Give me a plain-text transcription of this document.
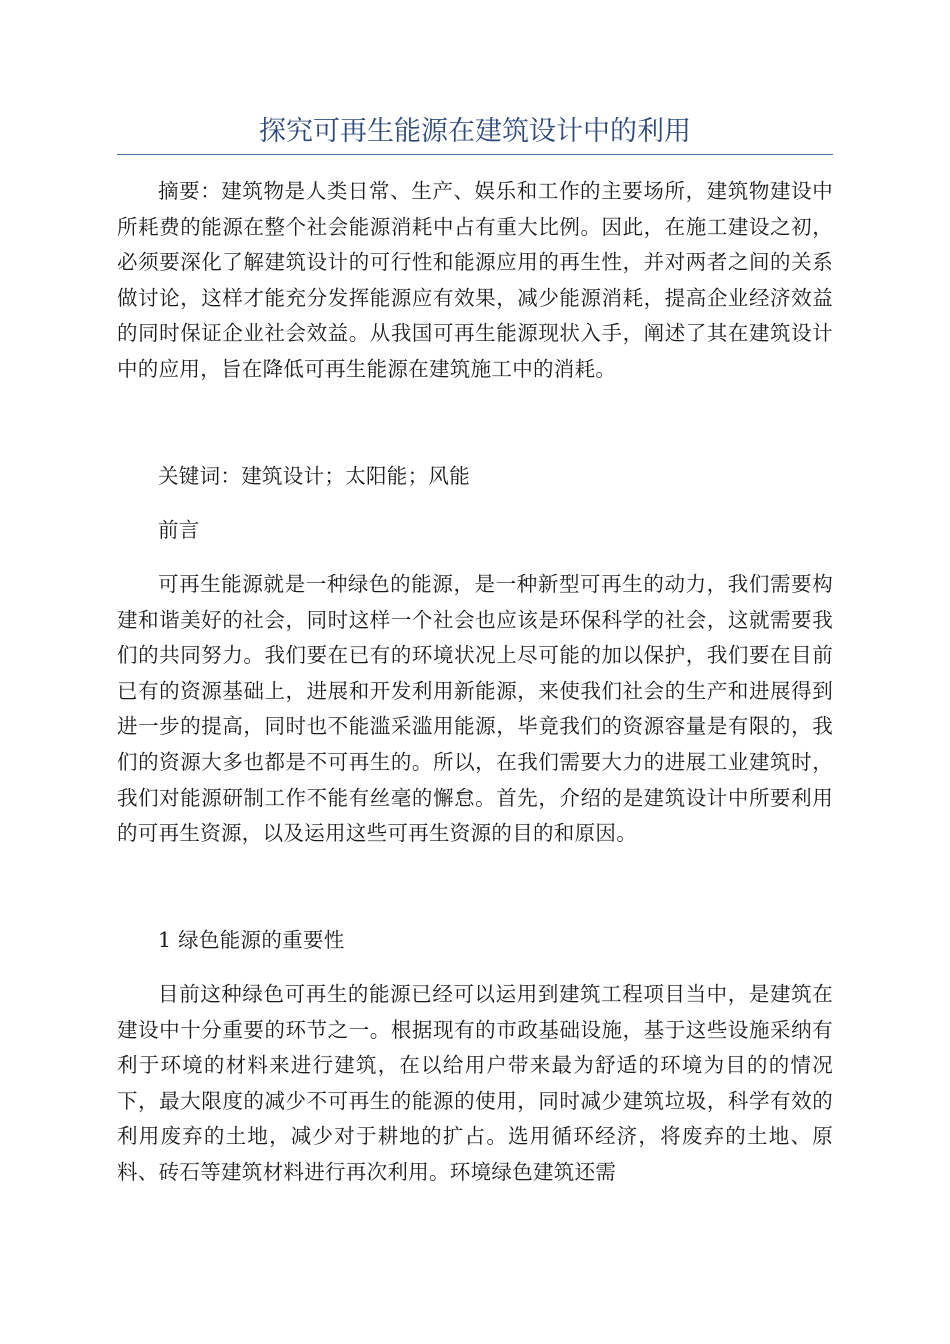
探究可再生能源在建筑设计中的利用

摘要：建筑物是人类日常、生产、娱乐和工作的主要场所，建筑物建设中所耗费的能源在整个社会能源消耗中占有重大比例。因此，在施工建设之初，必须要深化了解建筑设计的可行性和能源应用的再生性，并对两者之间的关系做讨论，这样才能充分发挥能源应有效果，减少能源消耗，提高企业经济效益的同时保证企业社会效益。从我国可再生能源现状入手，阐述了其在建筑设计中的应用，旨在降低可再生能源在建筑施工中的消耗。

关键词：建筑设计；太阳能；风能

前言

可再生能源就是一种绿色的能源，是一种新型可再生的动力，我们需要构建和谐美好的社会，同时这样一个社会也应该是环保科学的社会，这就需要我们的共同努力。我们要在已有的环境状况上尽可能的加以保护，我们要在目前已有的资源基础上，进展和开发利用新能源，来使我们社会的生产和进展得到进一步的提高，同时也不能滥采滥用能源，毕竟我们的资源容量是有限的，我们的资源大多也都是不可再生的。所以，在我们需要大力的进展工业建筑时，我们对能源研制工作不能有丝毫的懈怠。首先，介绍的是建筑设计中所要利用的可再生资源，以及运用这些可再生资源的目的和原因。

1 绿色能源的重要性

目前这种绿色可再生的能源已经可以运用到建筑工程项目当中，是建筑在建设中十分重要的环节之一。根据现有的市政基础设施，基于这些设施采纳有利于环境的材料来进行建筑，在以给用户带来最为舒适的环境为目的的情况下，最大限度的减少不可再生的能源的使用，同时减少建筑垃圾，科学有效的利用废弃的土地，减少对于耕地的扩占。选用循环经济，将废弃的土地、原料、砖石等建筑材料进行再次利用。环境绿色建筑还需
